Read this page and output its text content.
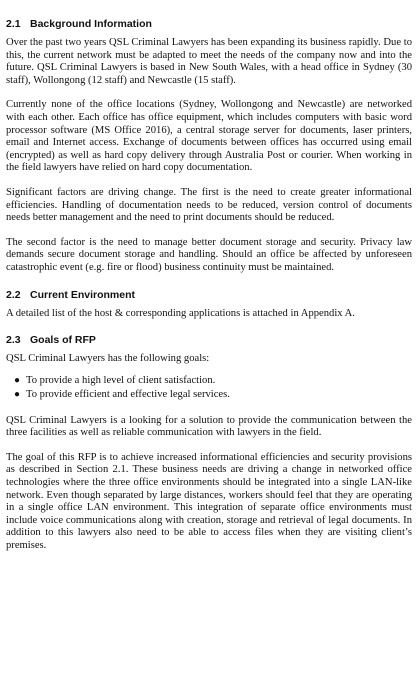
2.1 Background Information

Over the past two years QSL Criminal Lawyers has been expanding its business rapidly. Due to this, the current network must be adapted to meet the needs of the company now and into the future. QSL Criminal Lawyers is based in New South Wales, with a head office in Sydney (30 staff), Wollongong (12 staff) and Newcastle (15 staff).

Currently none of the office locations (Sydney, Wollongong and Newcastle) are networked with each other. Each office has office equipment, which includes computers with basic word processor software (MS Office 2016), a central storage server for documents, laser printers, email and Internet access. Exchange of documents between offices has occurred using email (encrypted) as well as hard copy delivery through Australia Post or courier. When working in the field lawyers have relied on hard copy documentation.

Significant factors are driving change. The first is the need to create greater informational efficiencies. Handling of documentation needs to be reduced, version control of documents needs better management and the need to print documents should be reduced.

The second factor is the need to manage better document storage and security. Privacy law demands secure document storage and handling. Should an office be affected by unforeseen catastrophic event (e.g. fire or flood) business continuity must be maintained.

2.2 Current Environment

A detailed list of the host & corresponding applications is attached in Appendix A.

2.3 Goals of RFP

QSL Criminal Lawyers has the following goals:

● To provide a high level of client satisfaction.
● To provide efficient and effective legal services.

QSL Criminal Lawyers is a looking for a solution to provide the communication between the three facilities as well as reliable communication with lawyers in the field.

The goal of this RFP is to achieve increased informational efficiencies and security provisions as described in Section 2.1. These business needs are driving a change in networked office technologies where the three office environments should be integrated into a single LAN-like network. Even though separated by large distances, workers should feel that they are operating in a single office LAN environment. This integration of separate office environments must include voice communications along with creation, storage and retrieval of legal documents. In addition to this lawyers also need to be able to access files when they are visiting client’s premises.
